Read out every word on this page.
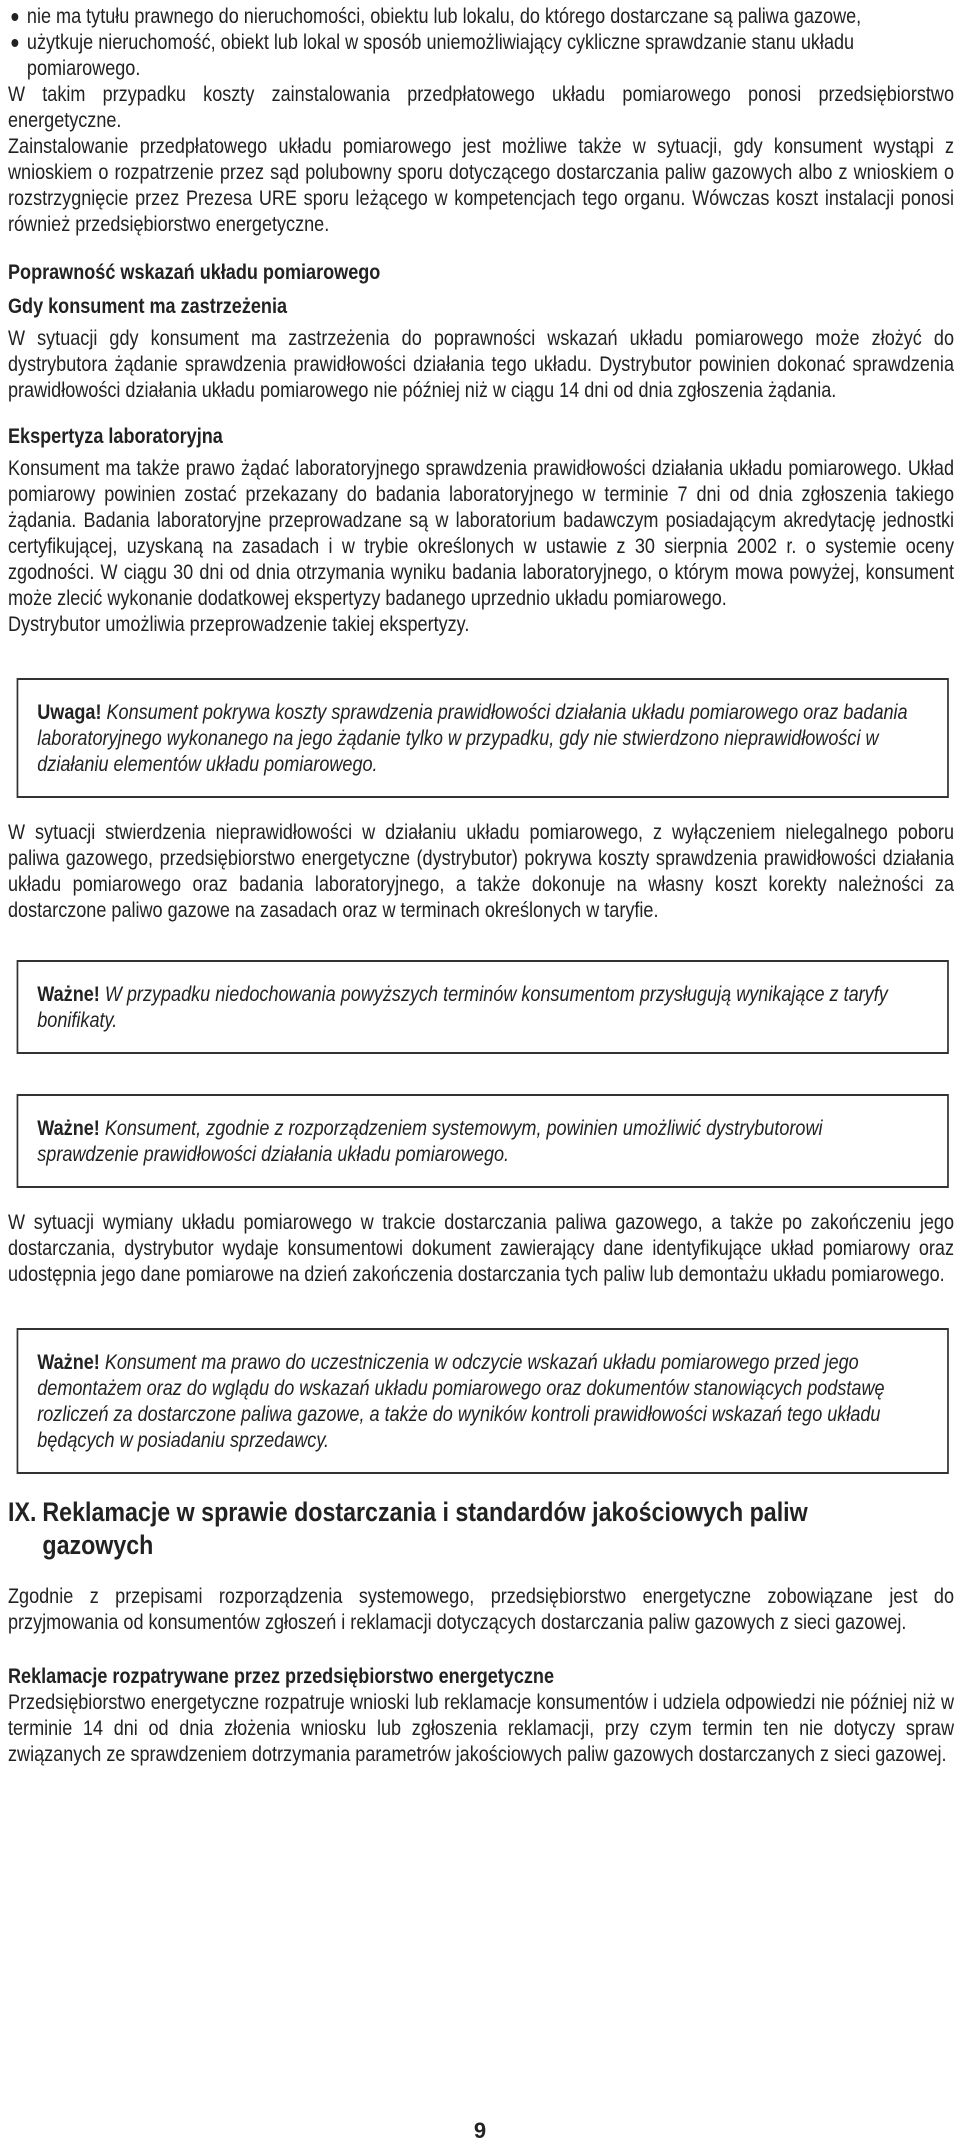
nie ma tytułu prawnego do nieruchomości, obiektu lub lokalu, do którego dostarczane są paliwa gazowe,
użytkuje nieruchomość, obiekt lub lokal w sposób uniemożliwiający cykliczne sprawdzanie stanu układu pomiarowego.

W takim przypadku koszty zainstalowania przedpłatowego układu pomiarowego ponosi przedsiębiorstwo energetyczne.

Zainstalowanie przedpłatowego układu pomiarowego jest możliwe także w sytuacji, gdy konsument wystąpi z wnioskiem o rozpatrzenie przez sąd polubowny sporu dotyczącego dostarczania paliw gazowych albo z wnioskiem o rozstrzygnięcie przez Prezesa URE sporu leżącego w kompetencjach tego organu. Wówczas koszt instalacji ponosi również przedsiębiorstwo energetyczne.

Poprawność wskazań układu pomiarowego
Gdy konsument ma zastrzeżenia

W sytuacji gdy konsument ma zastrzeżenia do poprawności wskazań układu pomiarowego może złożyć do dystrybutora żądanie sprawdzenia prawidłowości działania tego układu. Dystrybutor powinien dokonać sprawdzenia prawidłowości działania układu pomiarowego nie później niż w ciągu 14 dni od dnia zgłoszenia żądania.

Ekspertyza laboratoryjna

Konsument ma także prawo żądać laboratoryjnego sprawdzenia prawidłowości działania układu pomiarowego. Układ pomiarowy powinien zostać przekazany do badania laboratoryjnego w terminie 7 dni od dnia zgłoszenia takiego żądania. Badania laboratoryjne przeprowadzane są w laboratorium badawczym posiadającym akredytację jednostki certyfikującej, uzyskaną na zasadach i w trybie określonych w ustawie z 30 sierpnia 2002 r. o systemie oceny zgodności. W ciągu 30 dni od dnia otrzymania wyniku badania laboratoryjnego, o którym mowa powyżej, konsument może zlecić wykonanie dodatkowej ekspertyzy badanego uprzednio układu pomiarowego.

Dystrybutor umożliwia przeprowadzenie takiej ekspertyzy.

Uwaga! Konsument pokrywa koszty sprawdzenia prawidłowości działania układu pomiarowego oraz badania laboratoryjnego wykonanego na jego żądanie tylko w przypadku, gdy nie stwierdzono nieprawidłowości w działaniu elementów układu pomiarowego.

W sytuacji stwierdzenia nieprawidłowości w działaniu układu pomiarowego, z wyłączeniem nielegalnego poboru paliwa gazowego, przedsiębiorstwo energetyczne (dystrybutor) pokrywa koszty sprawdzenia prawidłowości działania układu pomiarowego oraz badania laboratoryjnego, a także dokonuje na własny koszt korekty należności za dostarczone paliwo gazowe na zasadach oraz w terminach określonych w taryfie.

Ważne! W przypadku niedochowania powyższych terminów konsumentom przysługują wynikające z taryfy bonifikaty.
Ważne! Konsument, zgodnie z rozporządzeniem systemowym, powinien umożliwić dystrybutorowi sprawdzenie prawidłowości działania układu pomiarowego.

W sytuacji wymiany układu pomiarowego w trakcie dostarczania paliwa gazowego, a także po zakończeniu jego dostarczania, dystrybutor wydaje konsumentowi dokument zawierający dane identyfikujące układ pomiarowy oraz udostępnia jego dane pomiarowe na dzień zakończenia dostarczania tych paliw lub demontażu układu pomiarowego.

Ważne! Konsument ma prawo do uczestniczenia w odczycie wskazań układu pomiarowego przed jego demontażem oraz do wglądu do wskazań układu pomiarowego oraz dokumentów stanowiących podstawę rozliczeń za dostarczone paliwa gazowe, a także do wyników kontroli prawidłowości wskazań tego układu będących w posiadaniu sprzedawcy.
IX. Reklamacje w sprawie dostarczania i standardów jakościowych paliw
gazowych

Zgodnie z przepisami rozporządzenia systemowego, przedsiębiorstwo energetyczne zobowiązane jest do przyjmowania od konsumentów zgłoszeń i reklamacji dotyczących dostarczania paliw gazowych z sieci gazowej.

Reklamacje rozpatrywane przez przedsiębiorstwo energetyczne

Przedsiębiorstwo energetyczne rozpatruje wnioski lub reklamacje konsumentów i udziela odpowiedzi nie później niż w terminie 14 dni od dnia złożenia wniosku lub zgłoszenia reklamacji, przy czym termin ten nie dotyczy spraw związanych ze sprawdzeniem dotrzymania parametrów jakościowych paliw gazowych dostarczanych z sieci gazowej.

9
